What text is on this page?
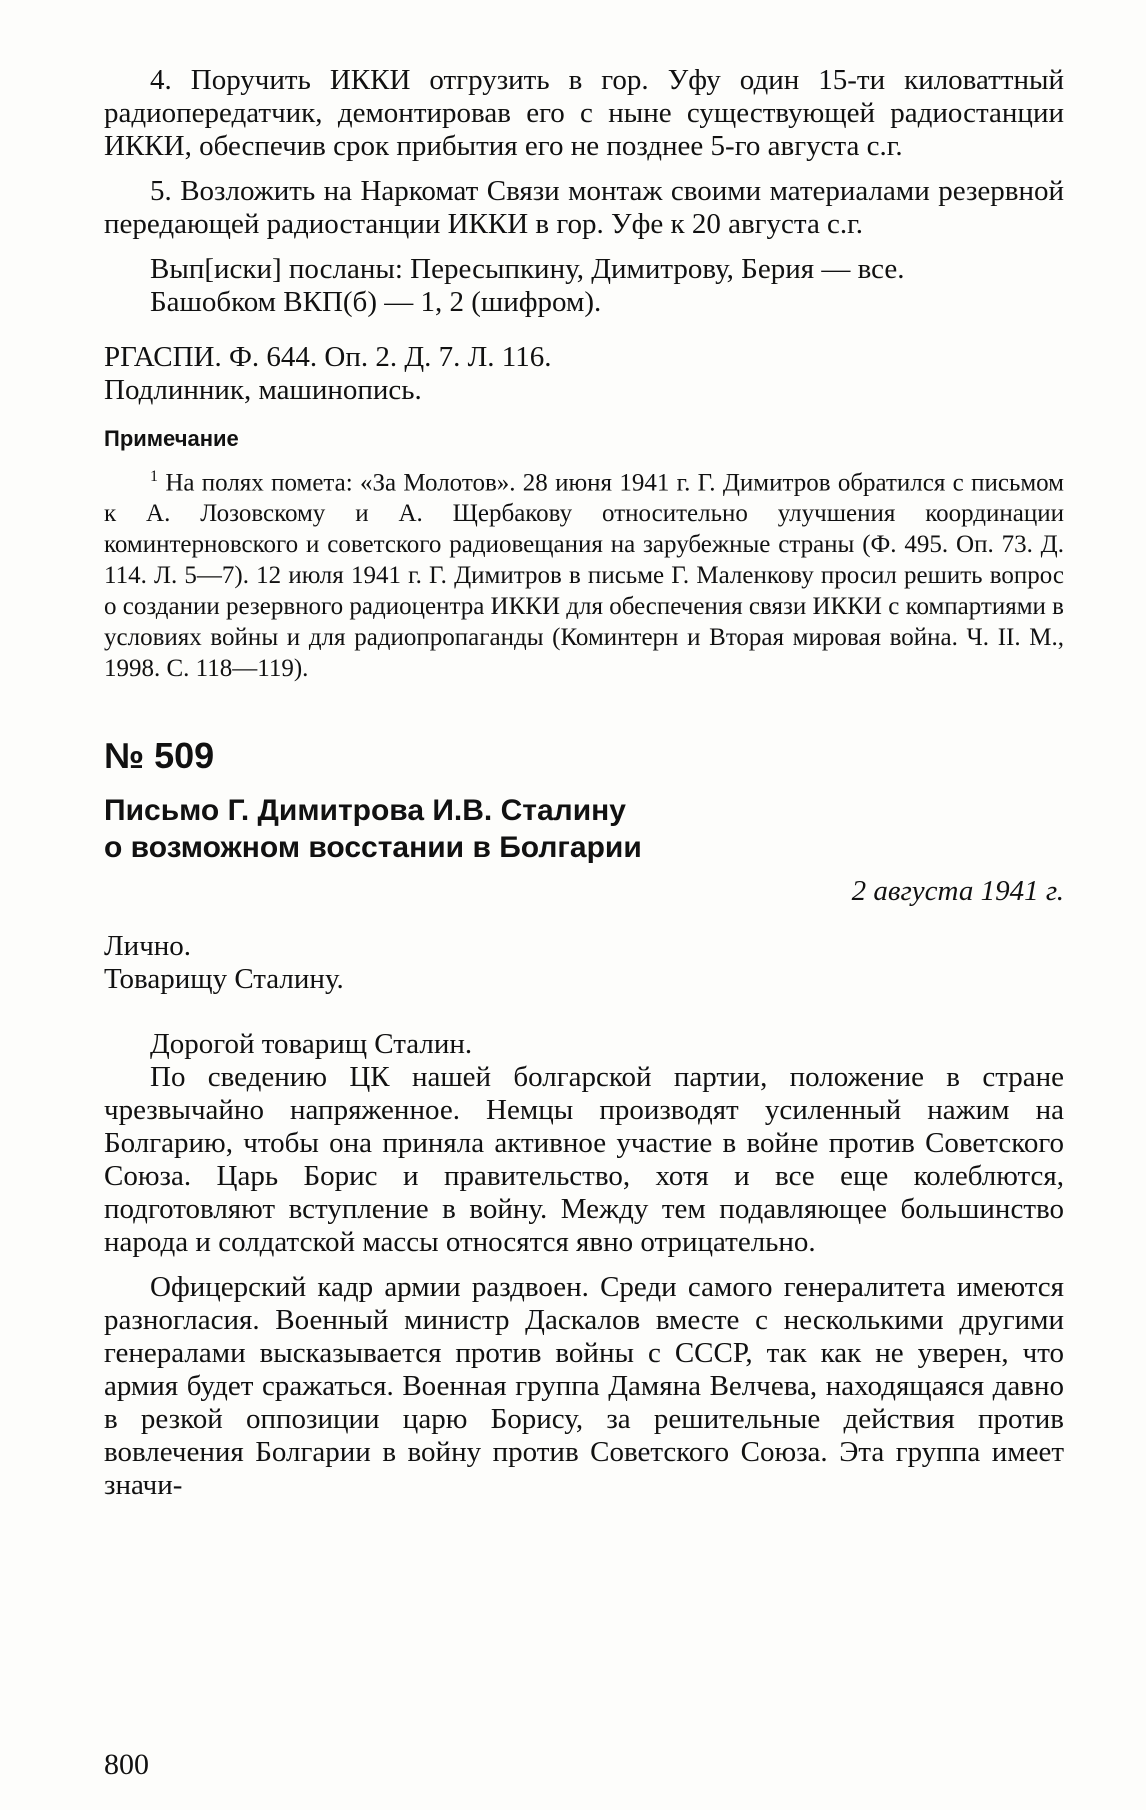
4. Поручить ИККИ отгрузить в гор. Уфу один 15-ти киловаттный радиопередатчик, демонтировав его с ныне существующей радиостанции ИККИ, обеспечив срок прибытия его не позднее 5-го августа с.г.

5. Возложить на Наркомат Связи монтаж своими материалами резервной передающей радиостанции ИККИ в гор. Уфе к 20 августа с.г.

Вып[иски] посланы: Пересыпкину, Димитрову, Берия — все.

Башобком ВКП(б) — 1, 2 (шифром).

РГАСПИ. Ф. 644. Оп. 2. Д. 7. Л. 116.

Подлинник, машинопись.

Примечание

$^1$ На полях помета: «За Молотов». 28 июня 1941 г. Г. Димитров обратился с письмом к А. Лозовскому и А. Щербакову относительно улучшения координации коминтерновского и советского радиовещания на зарубежные страны (Ф. 495. Оп. 73. Д. 114. Л. 5—7). 12 июля 1941 г. Г. Димитров в письме Г. Маленкову просил решить вопрос о создании резервного радиоцентра ИККИ для обеспечения связи ИККИ с компартиями в условиях войны и для радиопропаганды (Коминтерн и Вторая мировая война. Ч. II. М., 1998. С. 118—119).

№ 509

Письмо Г. Димитрова И.В. Сталину
о возможном восстании в Болгарии

2 августа 1941 г.

Лично.

Товарищу Сталину.

Дорогой товарищ Сталин.

По сведению ЦК нашей болгарской партии, положение в стране чрезвычайно напряженное. Немцы производят усиленный нажим на Болгарию, чтобы она приняла активное участие в войне против Советского Союза. Царь Борис и правительство, хотя и все еще колеблются, подготовляют вступление в войну. Между тем подавляющее большинство народа и солдатской массы относятся явно отрицательно.

Офицерский кадр армии раздвоен. Среди самого генералитета имеются разногласия. Военный министр Даскалов вместе с несколькими другими генералами высказывается против войны с СССР, так как не уверен, что армия будет сражаться. Военная группа Дамяна Велчева, находящаяся давно в резкой оппозиции царю Борису, за решительные действия против вовлечения Болгарии в войну против Советского Союза. Эта группа имеет значи-

800
